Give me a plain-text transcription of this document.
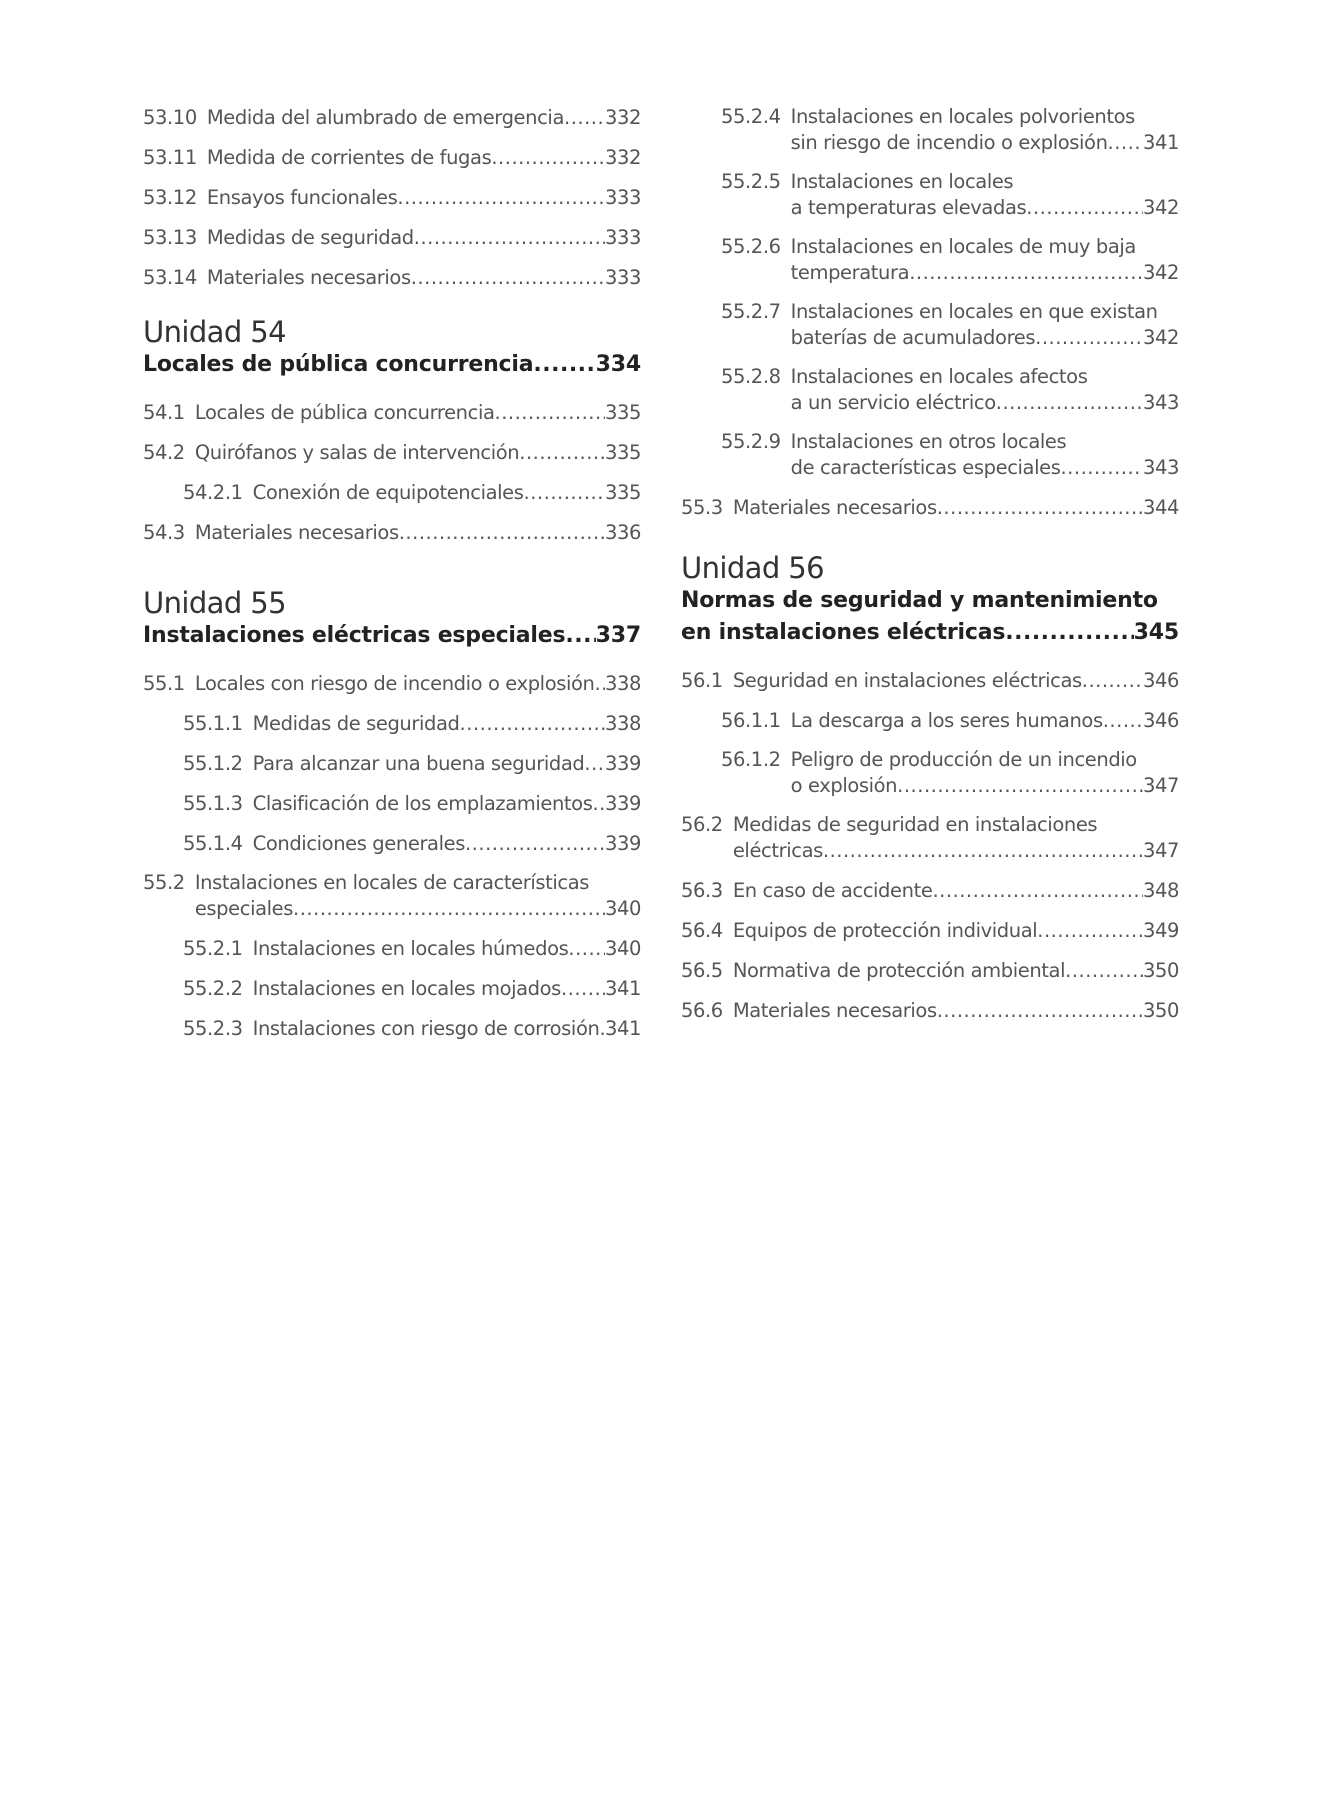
53.10 Medida del alumbrado de emergencia ..... 332
53.11 Medida de corrientes de fugas .....	332
53.12 Ensayos funcionales .....	333
53.13 Medidas de seguridad .....	333
53.14 Materiales necesarios .....	333
Unidad 54
Locales de pública concurrencia .....	334
54.1 Locales de pública concurrencia .....	335
54.2 Quirófanos y salas de intervención .....	335
54.2.1 Conexión de equipotenciales .....	335
54.3 Materiales necesarios .....	336
Unidad 55
Instalaciones eléctricas especiales ..... 337
55.1 Locales con riesgo de incendio o explosión ..... 338
55.1.1 Medidas de seguridad .....	338
55.1.2 Para alcanzar una buena seguridad ..... 339
55.1.3 Clasificación de los emplazamientos ..... 339
55.1.4 Condiciones generales .....	339
55.2 Instalaciones en locales de características
especiales .....	340
55.2.1 Instalaciones en locales húmedos ..... 340
55.2.2 Instalaciones en locales mojados ..... 341
55.2.3 Instalaciones con riesgo de corrosión ..... 341
55.2.4 Instalaciones en locales polvorientos
sin riesgo de incendio o explosión ..... 341
55.2.5 Instalaciones en locales
a temperaturas elevadas .....	342
55.2.6 Instalaciones en locales de muy baja
temperatura .....	342
55.2.7 Instalaciones en locales en que existan
baterías de acumuladores .....	342
55.2.8 Instalaciones en locales afectos
a un servicio eléctrico .....	343
55.2.9 Instalaciones en otros locales
de características especiales .....	343
55.3 Materiales necesarios .....	344
Unidad 56
Normas de seguridad y mantenimiento
en instalaciones eléctricas .....	345
56.1 Seguridad en instalaciones eléctricas .....	346
56.1.1 La descarga a los seres humanos ..... 346
56.1.2 Peligro de producción de un incendio
o explosión .....	347
56.2 Medidas de seguridad en instalaciones
eléctricas .....	347
56.3 En caso de accidente .....	348
56.4 Equipos de protección individual .....	349
56.5 Normativa de protección ambiental .....	350
56.6 Materiales necesarios .....	350
